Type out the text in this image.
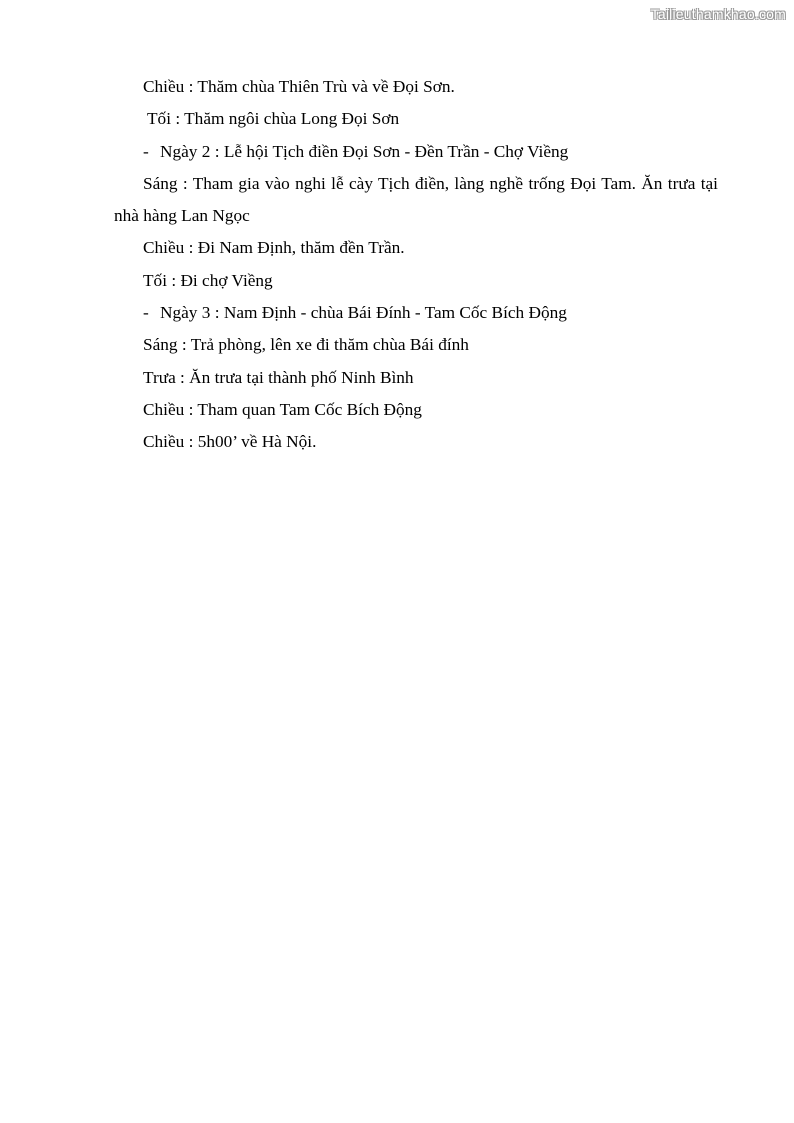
Tailieuthamkhao.com

Chiều : Thăm chùa Thiên Trù và về Đọi Sơn.

Tối : Thăm ngôi chùa Long Đọi Sơn

- Ngày 2 : Lễ hội Tịch điền Đọi Sơn - Đền Trần - Chợ Viềng

Sáng : Tham gia vào nghi lễ cày Tịch điền, làng nghề trống Đọi Tam. Ăn trưa tại nhà hàng Lan Ngọc

Chiều : Đi Nam Định, thăm đền Trần.

Tối : Đi chợ Viềng

- Ngày 3 : Nam Định - chùa Bái Đính - Tam Cốc Bích Động

Sáng : Trả phòng, lên xe đi thăm chùa Bái đính

Trưa : Ăn trưa tại thành phố Ninh Bình

Chiều : Tham quan Tam Cốc Bích Động

Chiều : 5h00’ về Hà Nội.
